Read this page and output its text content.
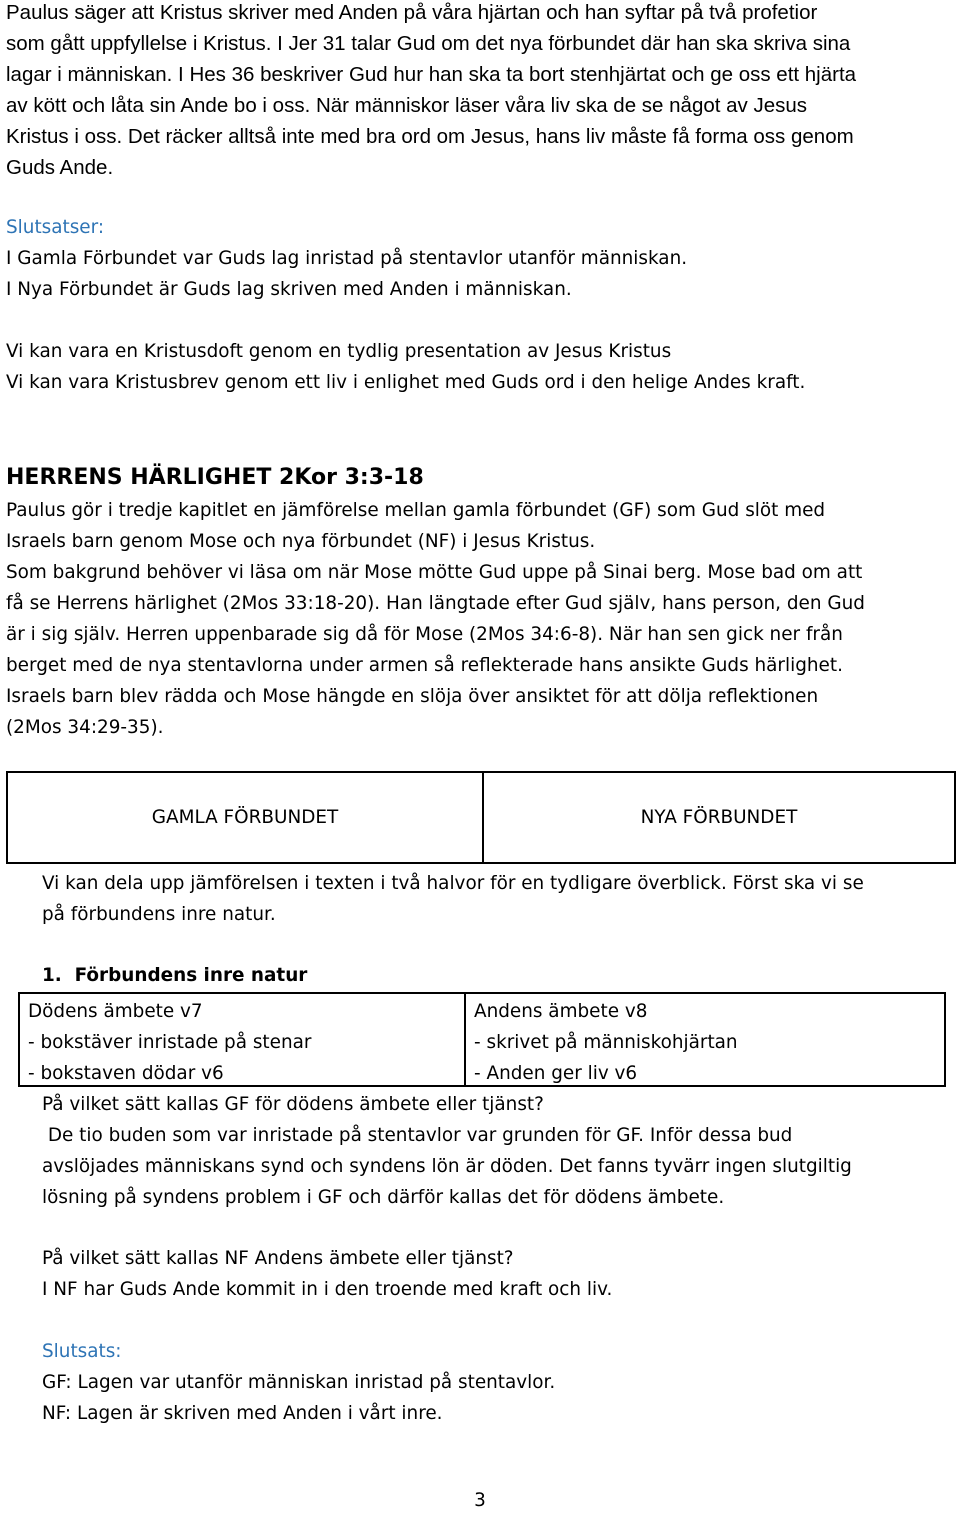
Paulus säger att Kristus skriver med Anden på våra hjärtan och han syftar på två profetior
som gått uppfyllelse i Kristus. I Jer 31 talar Gud om det nya förbundet där han ska skriva sina
lagar i människan. I Hes 36 beskriver Gud hur han ska ta bort stenhjärtat och ge oss ett hjärta
av kött och låta sin Ande bo i oss. När människor läser våra liv ska de se något av Jesus
Kristus i oss. Det räcker alltså inte med bra ord om Jesus, hans liv måste få forma oss genom
Guds Ande.
Slutsatser:
I Gamla Förbundet var Guds lag inristad på stentavlor utanför människan.
I Nya Förbundet är Guds lag skriven med Anden i människan.
Vi kan vara en Kristusdoft genom en tydlig presentation av Jesus Kristus
Vi kan vara Kristusbrev genom ett liv i enlighet med Guds ord i den helige Andes kraft.
HERRENS HÄRLIGHET 2Kor 3:3-18
Paulus gör i tredje kapitlet en jämförelse mellan gamla förbundet (GF) som Gud slöt med
Israels barn genom Mose och nya förbundet (NF) i Jesus Kristus.
Som bakgrund behöver vi läsa om när Mose mötte Gud uppe på Sinai berg. Mose bad om att
få se Herrens härlighet (2Mos 33:18-20). Han längtade efter Gud själv, hans person, den Gud
är i sig själv. Herren uppenbarade sig då för Mose (2Mos 34:6-8). När han sen gick ner från
berget med de nya stentavlorna under armen så reflekterade hans ansikte Guds härlighet.
Israels barn blev rädda och Mose hängde en slöja över ansiktet för att dölja reflektionen
(2Mos 34:29-35).
GAMLA FÖRBUNDET	NYA FÖRBUNDET
Vi kan dela upp jämförelsen i texten i två halvor för en tydligare överblick. Först ska vi se
på förbundens inre natur.
1. Förbundens inre natur
Dödens ämbete v7
- bokstäver inristade på stenar
- bokstaven dödar v6
Andens ämbete v8
- skrivet på människohjärtan
- Anden ger liv v6
På vilket sätt kallas GF för dödens ämbete eller tjänst?
De tio buden som var inristade på stentavlor var grunden för GF. Inför dessa bud
avslöjades människans synd och syndens lön är döden. Det fanns tyvärr ingen slutgiltig
lösning på syndens problem i GF och därför kallas det för dödens ämbete.
På vilket sätt kallas NF Andens ämbete eller tjänst?
I NF har Guds Ande kommit in i den troende med kraft och liv.
Slutsats:
GF: Lagen var utanför människan inristad på stentavlor.
NF: Lagen är skriven med Anden i vårt inre.
3
